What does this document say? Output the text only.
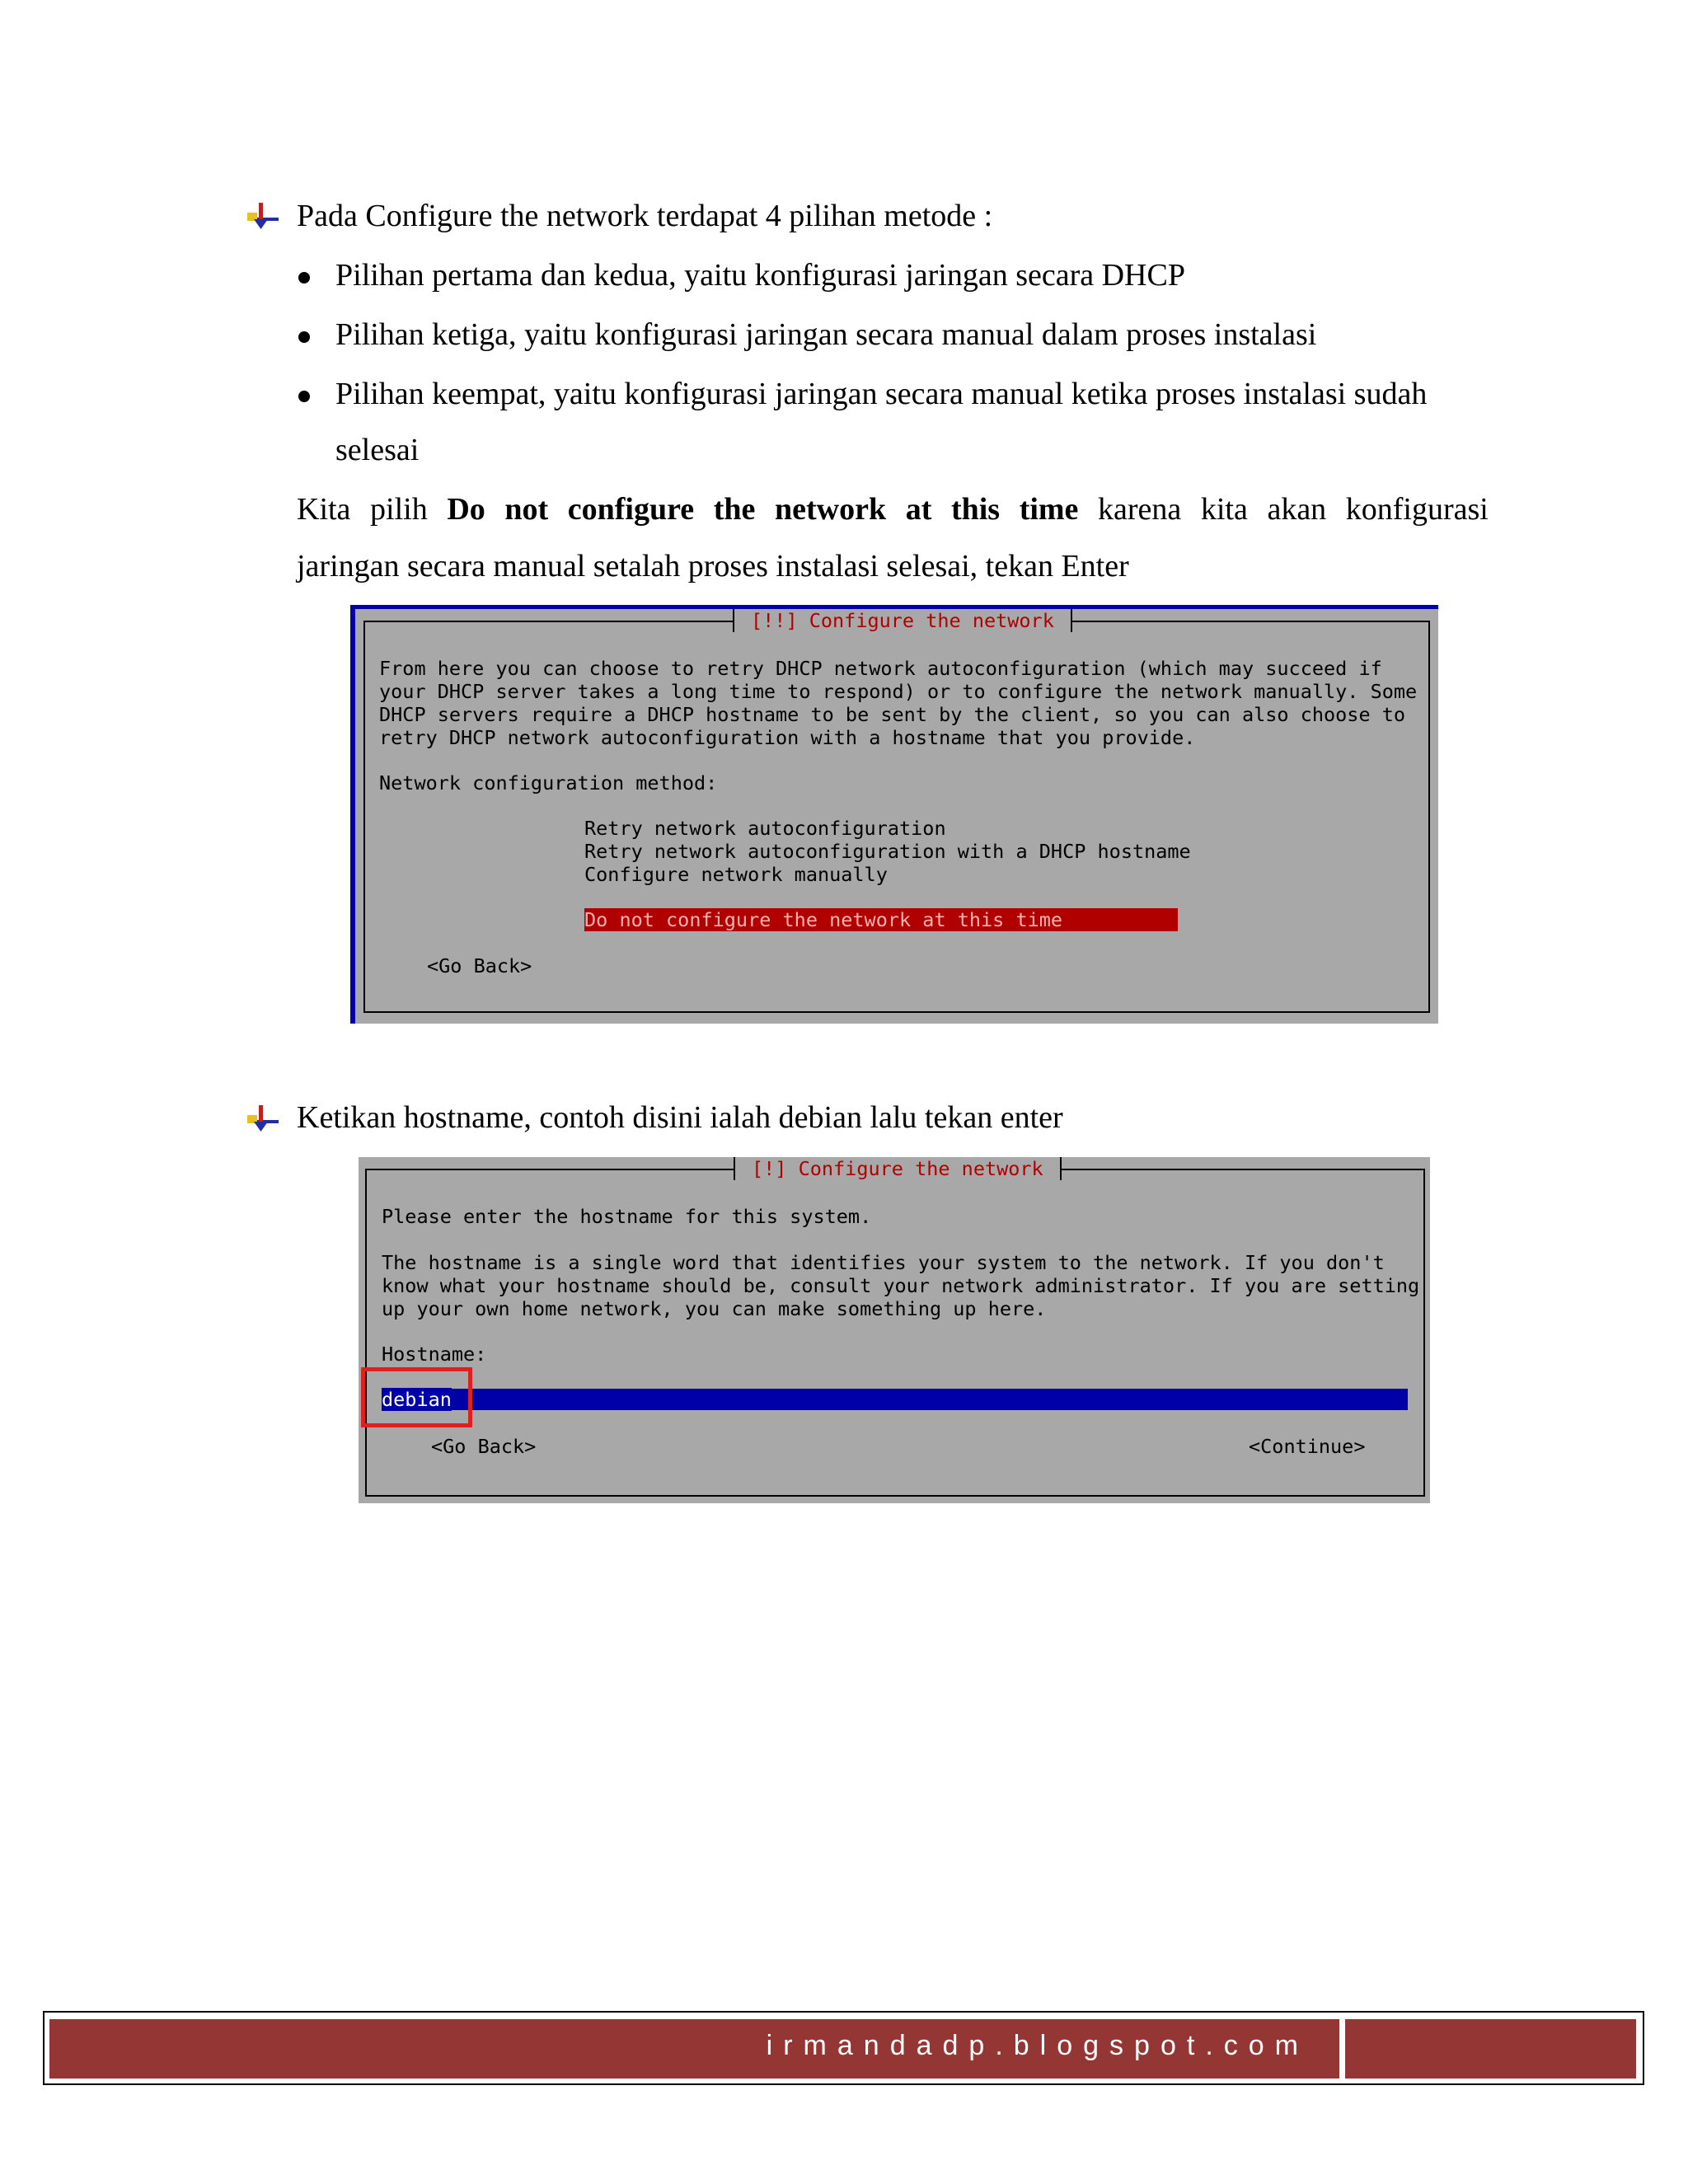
Pada Configure the network terdapat 4 pilihan metode :
Pilihan pertama dan kedua, yaitu konfigurasi jaringan secara DHCP
Pilihan ketiga, yaitu konfigurasi jaringan secara manual dalam proses instalasi
Pilihan keempat, yaitu konfigurasi jaringan secara manual ketika proses instalasi sudah
selesai
Kita pilih Do not configure the network at this time karena kita akan konfigurasi
jaringan secara manual setalah proses instalasi selesai, tekan Enter
[!!] Configure the network
From here you can choose to retry DHCP network autoconfiguration (which may succeed if
your DHCP server takes a long time to respond) or to configure the network manually. Some
DHCP servers require a DHCP hostname to be sent by the client, so you can also choose to
retry DHCP network autoconfiguration with a hostname that you provide.
Network configuration method:
Retry network autoconfiguration
Retry network autoconfiguration with a DHCP hostname
Configure network manually
Do not configure the network at this time
<Go Back>
Ketikan hostname, contoh disini ialah debian lalu tekan enter
[!] Configure the network
Please enter the hostname for this system.
The hostname is a single word that identifies your system to the network. If you don't
know what your hostname should be, consult your network administrator. If you are setting
up your own home network, you can make something up here.
Hostname:
debian
<Go Back>	<Continue>
irmandadp.blogspot.com
